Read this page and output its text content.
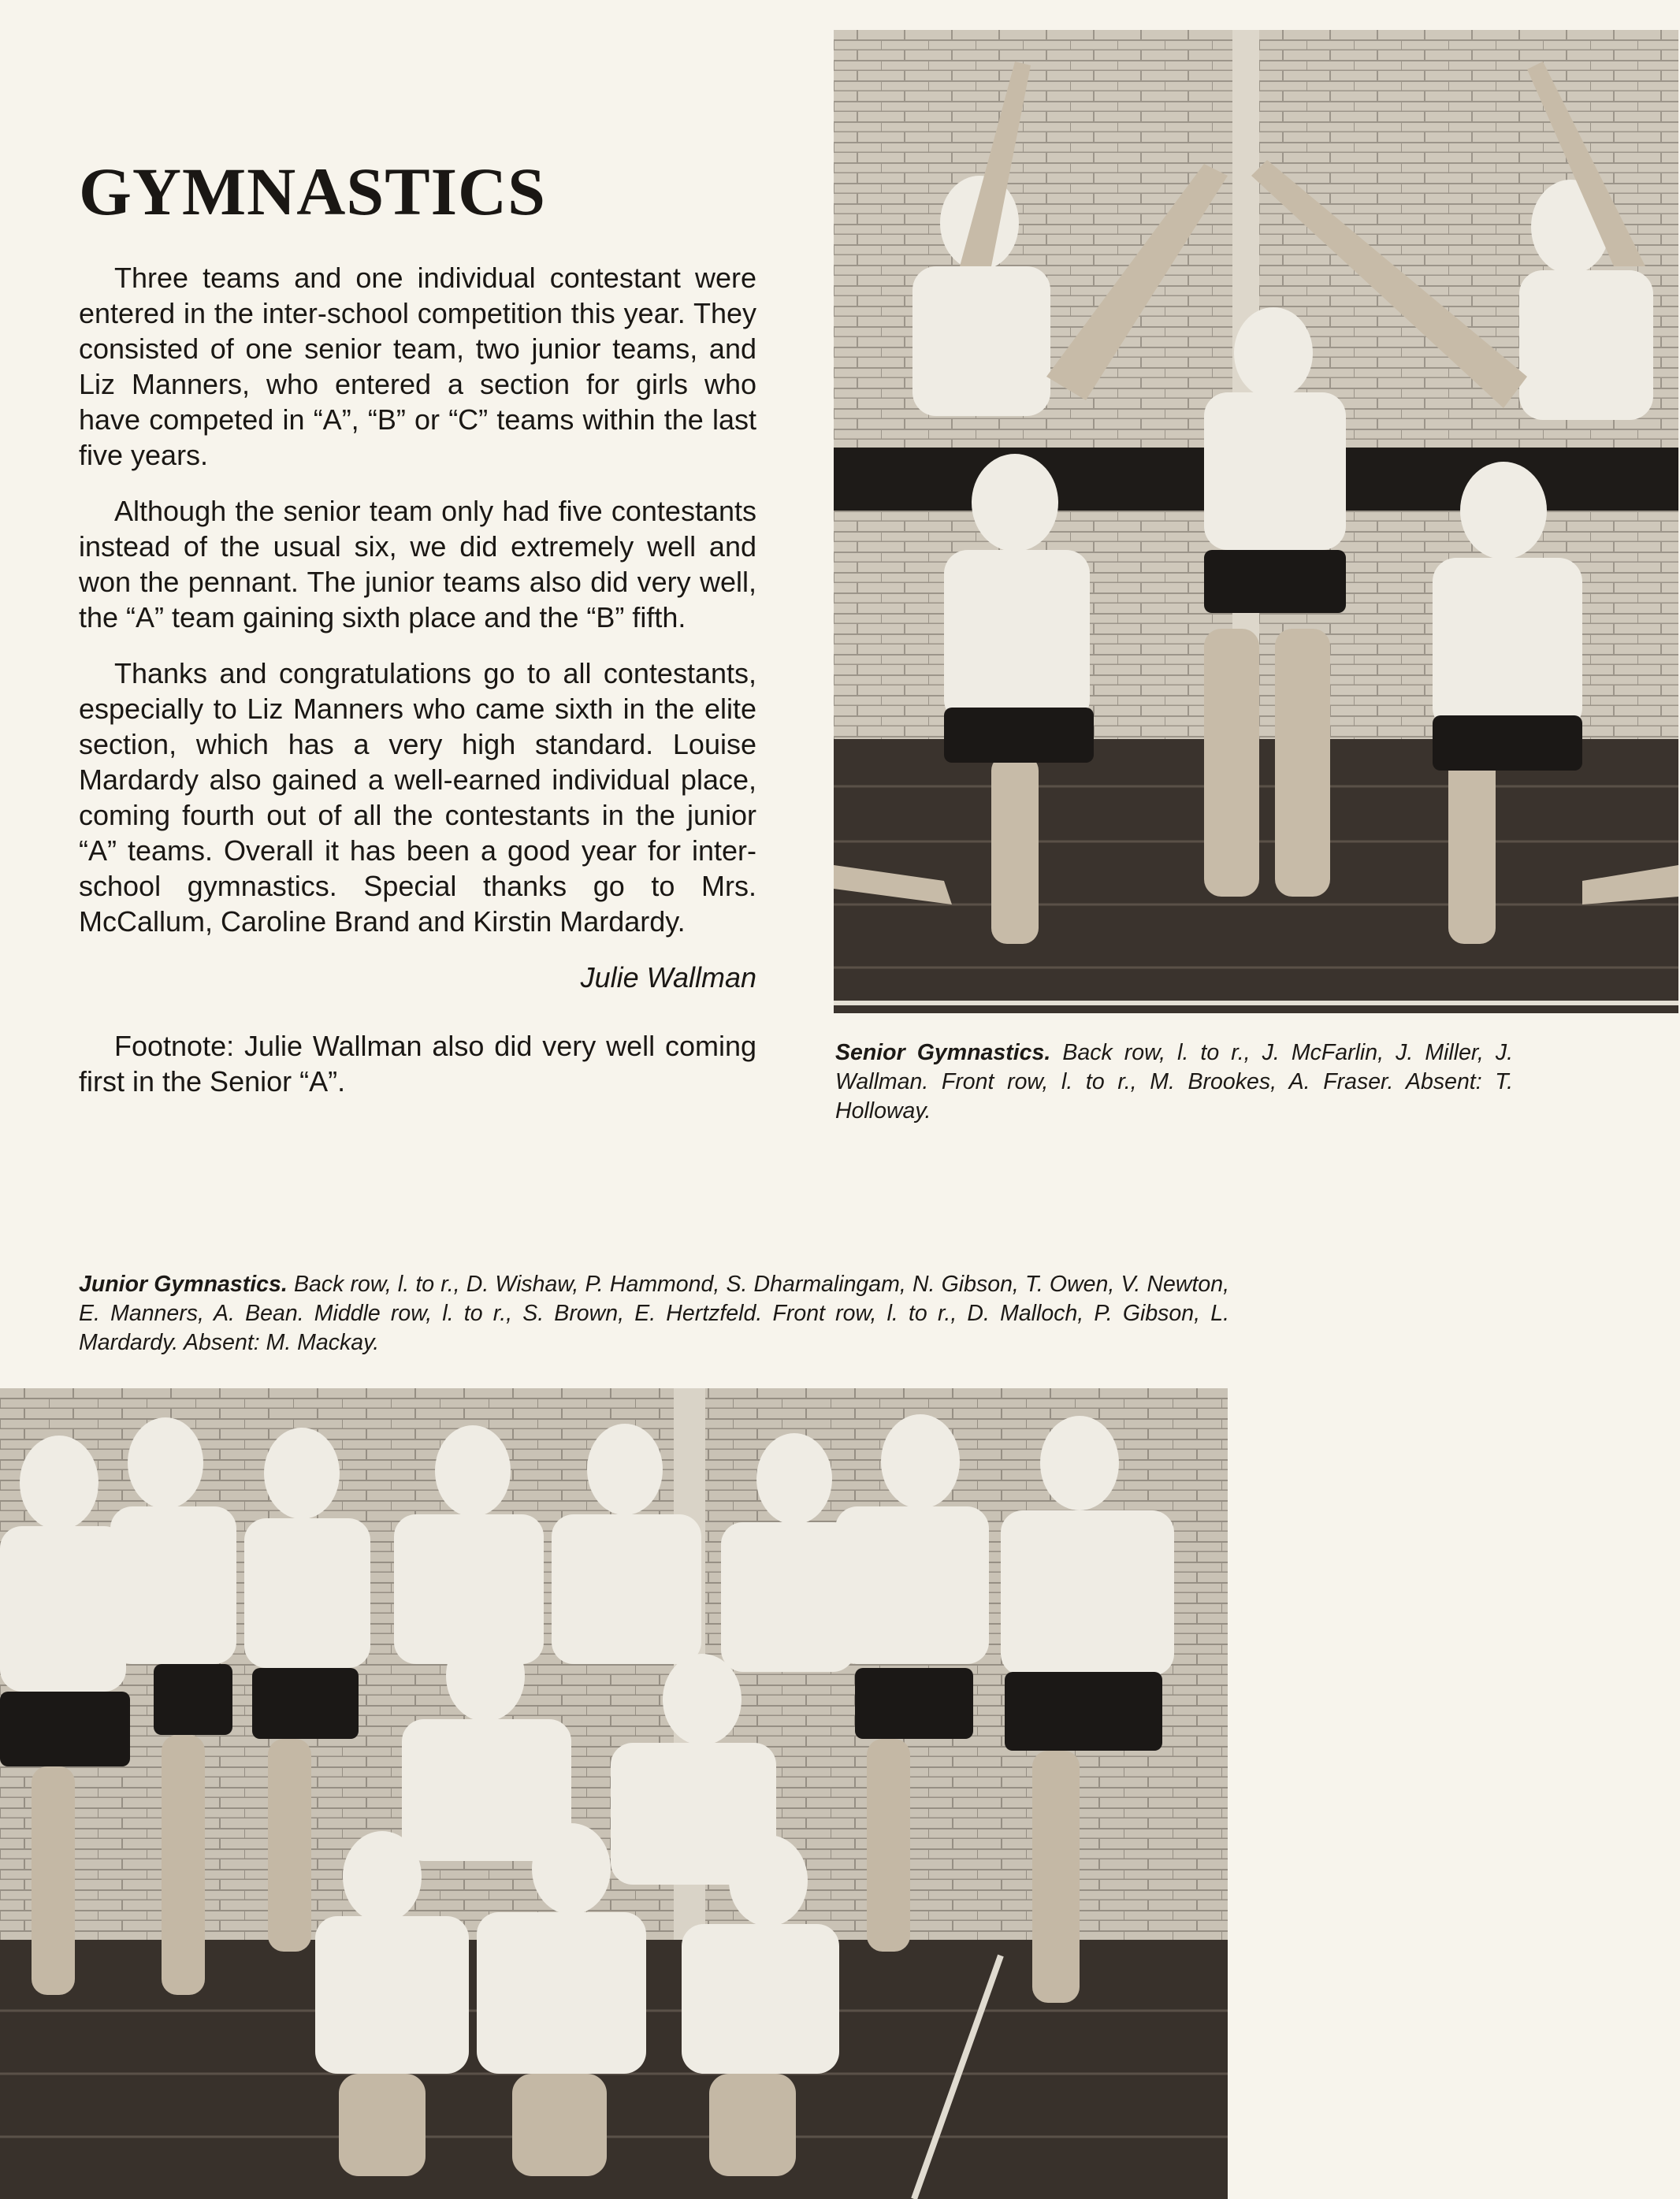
GYMNASTICS

Three teams and one individual contestant were entered in the inter-school competition this year. They consisted of one senior team, two junior teams, and Liz Manners, who entered a section for girls who have competed in “A”, “B” or “C” teams within the last five years.

Although the senior team only had five contestants instead of the usual six, we did extremely well and won the pennant. The junior teams also did very well, the “A” team gaining sixth place and the “B” fifth.

Thanks and congratulations go to all contestants, especially to Liz Manners who came sixth in the elite section, which has a very high standard. Louise Mardardy also gained a well-earned individual place, coming fourth out of all the contestants in the junior “A” teams. Overall it has been a good year for inter-school gymnastics. Special thanks go to Mrs. McCallum, Caroline Brand and Kirstin Mardardy.

Julie Wallman

Footnote: Julie Wallman also did very well coming first in the Senior “A”.

Senior Gymnastics. Back row, l. to r., J. McFarlin, J. Miller, J. Wallman. Front row, l. to r., M. Brookes, A. Fraser. Absent: T. Holloway.
Junior Gymnastics. Back row, l. to r., D. Wishaw, P. Hammond, S. Dharmalingam, N. Gibson, T. Owen, V. Newton, E. Manners, A. Bean. Middle row, l. to r., S. Brown, E. Hertzfeld. Front row, l. to r., D. Malloch, P. Gibson, L. Mardardy. Absent: M. Mackay.
